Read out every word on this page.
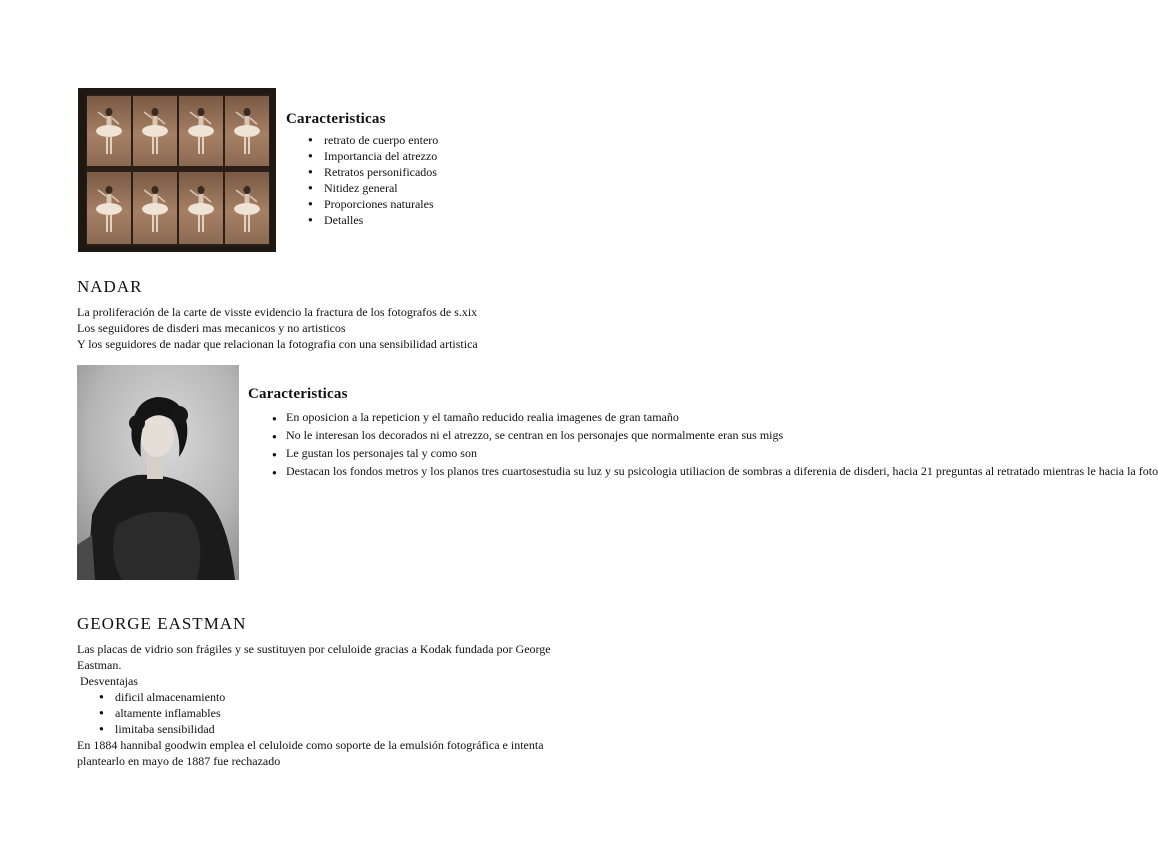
Caracteristicas
● retrato de cuerpo entero
● Importancia del atrezzo
● Retratos personificados
● Nitidez general
● Proporciones naturales
● Detalles
NADAR

La proliferación de la carte de visste evidencio la fractura de los fotografos de s.xix

Los seguidores de disderi mas mecanicos y no artisticos

Y los seguidores de nadar que relacionan la fotografia con una sensibilidad artistica

Caracteristicas
● En oposicion a la repeticion y el tamaño reducido realia imagenes de gran tamaño
● No le interesan los decorados ni el atrezzo, se centran en los personajes que normalmente eran sus migs
● Le gustan los personajes tal y como son
● Destacan los fondos metros y los planos tres cuartosestudia su luz y su psicologia utiliacion de sombras a diferenia de disderi, hacia 21 preguntas al retratado mientras le hacia la foto
GEORGE EASTMAN

Las placas de vidrio son frágiles y se sustituyen por celuloide gracias a Kodak fundada por George Eastman.

Desventajas

● dificil almacenamiento
● altamente inflamables
● limitaba sensibilidad

En 1884 hannibal goodwin emplea el celuloide como soporte de la emulsión fotográfica e intenta plantearlo en mayo de 1887 fue rechazado
